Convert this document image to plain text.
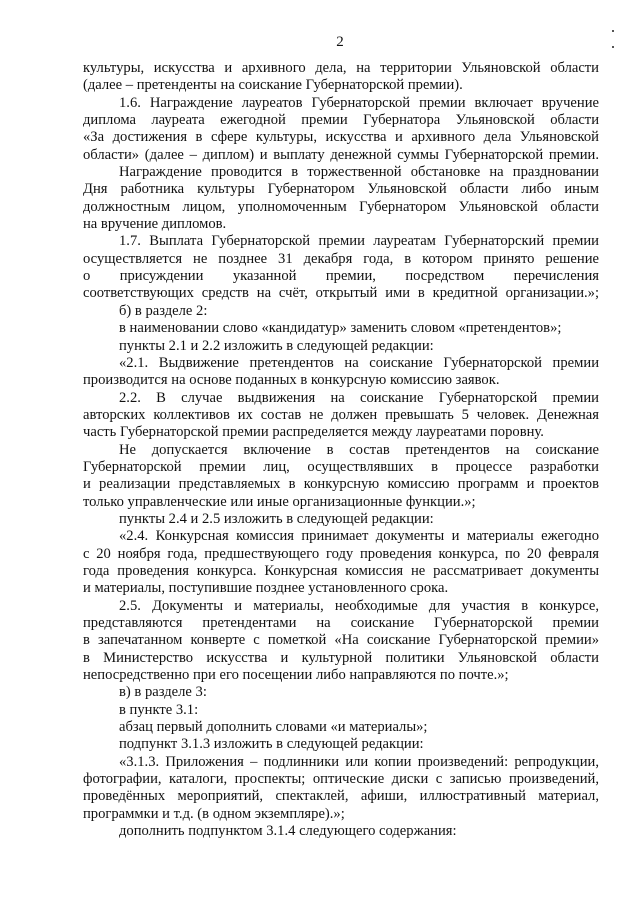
2
культуры, искусства и архивного дела, на территории Ульяновской области
(далее – претенденты на соискание Губернаторской премии).
1.6. Награждение лауреатов Губернаторской премии включает вручение
диплома лауреата ежегодной премии Губернатора Ульяновской области
«За достижения в сфере культуры, искусства и архивного дела Ульяновской
области» (далее – диплом) и выплату денежной суммы Губернаторской премии.
Награждение проводится в торжественной обстановке на праздновании
Дня работника культуры Губернатором Ульяновской области либо иным
должностным лицом, уполномоченным Губернатором Ульяновской области
на вручение дипломов.
1.7. Выплата Губернаторской премии лауреатам Губернаторский премии
осуществляется не позднее 31 декабря года, в котором принято решение
о присуждении указанной премии, посредством перечисления
соответствующих средств на счёт, открытый ими в кредитной организации.»;
б) в разделе 2:
в наименовании слово «кандидатур» заменить словом «претендентов»;
пункты 2.1 и 2.2 изложить в следующей редакции:
«2.1. Выдвижение претендентов на соискание Губернаторской премии
производится на основе поданных в конкурсную комиссию заявок.
2.2. В случае выдвижения на соискание Губернаторской премии
авторских коллективов их состав не должен превышать 5 человек. Денежная
часть Губернаторской премии распределяется между лауреатами поровну.
Не допускается включение в состав претендентов на соискание
Губернаторской премии лиц, осуществлявших в процессе разработки
и реализации представляемых в конкурсную комиссию программ и проектов
только управленческие или иные организационные функции.»;
пункты 2.4 и 2.5 изложить в следующей редакции:
«2.4. Конкурсная комиссия принимает документы и материалы ежегодно
с 20 ноября года, предшествующего году проведения конкурса, по 20 февраля
года проведения конкурса. Конкурсная комиссия не рассматривает документы
и материалы, поступившие позднее установленного срока.
2.5. Документы и материалы, необходимые для участия в конкурсе,
представляются претендентами на соискание Губернаторской премии
в запечатанном конверте с пометкой «На соискание Губернаторской премии»
в Министерство искусства и культурной политики Ульяновской области
непосредственно при его посещении либо направляются по почте.»;
в) в разделе 3:
в пункте 3.1:
абзац первый дополнить словами «и материалы»;
подпункт 3.1.3 изложить в следующей редакции:
«3.1.3. Приложения – подлинники или копии произведений: репродукции,
фотографии, каталоги, проспекты; оптические диски с записью произведений,
проведённых мероприятий, спектаклей, афиши, иллюстративный материал,
программки и т.д. (в одном экземпляре).»;
дополнить подпунктом 3.1.4 следующего содержания:
